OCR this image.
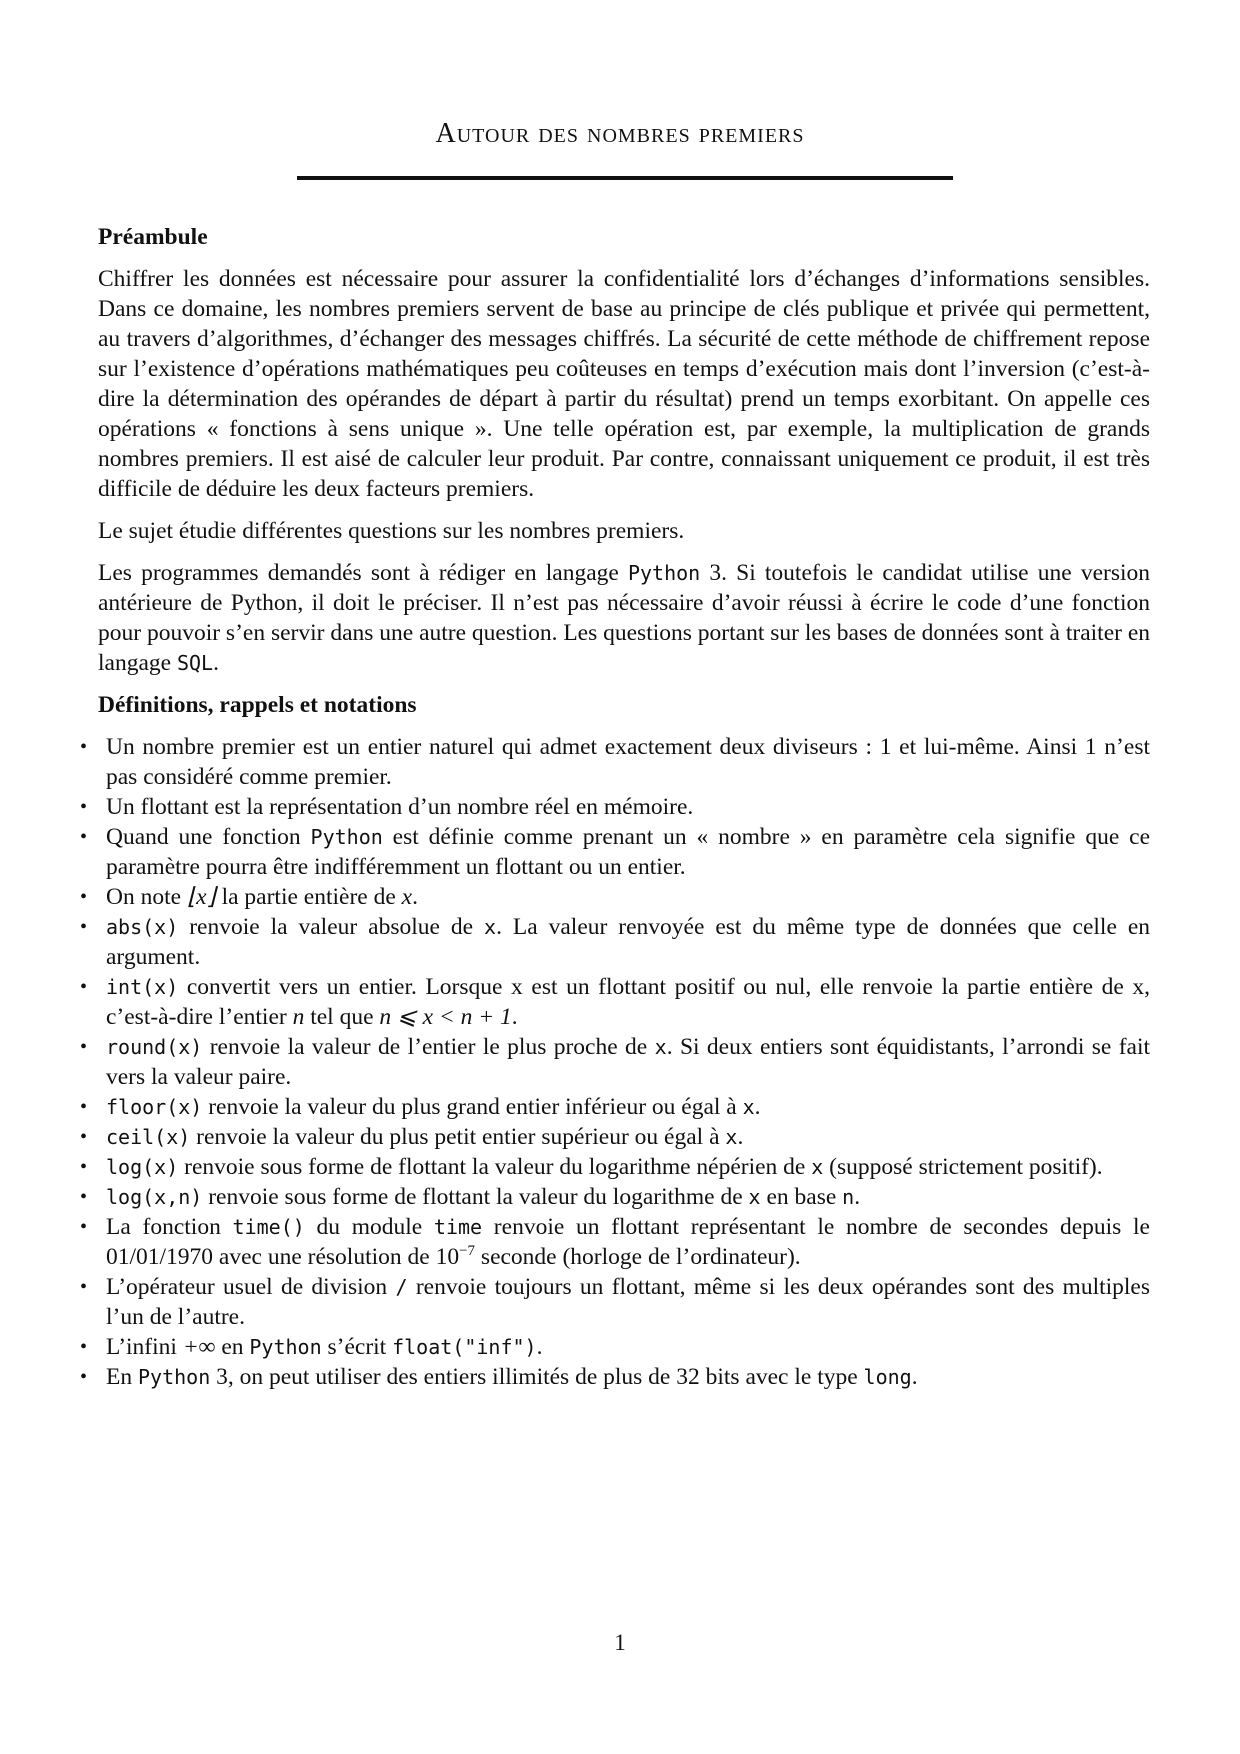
Autour des nombres premiers
Préambule

Chiffrer les données est nécessaire pour assurer la confidentialité lors d’échanges d’informations sensibles. Dans ce domaine, les nombres premiers servent de base au principe de clés publique et privée qui permettent, au travers d’algorithmes, d’échanger des messages chiffrés. La sécurité de cette méthode de chiffrement repose sur l’existence d’opérations mathématiques peu coûteuses en temps d’exécution mais dont l’inversion (c’est-à-dire la détermination des opérandes de départ à partir du résultat) prend un temps exorbitant. On appelle ces opérations « fonctions à sens unique ». Une telle opération est, par exemple, la multiplication de grands nombres premiers. Il est aisé de calculer leur produit. Par contre, connaissant uniquement ce produit, il est très difficile de déduire les deux facteurs premiers.

Le sujet étudie différentes questions sur les nombres premiers.

Les programmes demandés sont à rédiger en langage Python 3. Si toutefois le candidat utilise une version antérieure de Python, il doit le préciser. Il n’est pas nécessaire d’avoir réussi à écrire le code d’une fonction pour pouvoir s’en servir dans une autre question. Les questions portant sur les bases de données sont à traiter en langage SQL.

Définitions, rappels et notations
• Un nombre premier est un entier naturel qui admet exactement deux diviseurs : 1 et lui-même. Ainsi 1 n’est pas considéré comme premier.
• Un flottant est la représentation d’un nombre réel en mémoire.
• Quand une fonction Python est définie comme prenant un « nombre » en paramètre cela signifie que ce paramètre pourra être indifféremment un flottant ou un entier.
• On note ⌊x⌋ la partie entière de x.
• abs(x) renvoie la valeur absolue de x. La valeur renvoyée est du même type de données que celle en argument.
• int(x) convertit vers un entier. Lorsque x est un flottant positif ou nul, elle renvoie la partie entière de x, c’est-à-dire l’entier n tel que n ⩽ x < n + 1.
• round(x) renvoie la valeur de l’entier le plus proche de x. Si deux entiers sont équidistants, l’arrondi se fait vers la valeur paire.
• floor(x) renvoie la valeur du plus grand entier inférieur ou égal à x.
• ceil(x) renvoie la valeur du plus petit entier supérieur ou égal à x.
• log(x) renvoie sous forme de flottant la valeur du logarithme népérien de x (supposé strictement positif).
• log(x,n) renvoie sous forme de flottant la valeur du logarithme de x en base n.
• La fonction time() du module time renvoie un flottant représentant le nombre de secondes depuis le 01/01/1970 avec une résolution de $10^{-7}$ seconde (horloge de l’ordinateur).
• L’opérateur usuel de division / renvoie toujours un flottant, même si les deux opérandes sont des multiples l’un de l’autre.
• L’infini +∞ en Python s’écrit float("inf").
• En Python 3, on peut utiliser des entiers illimités de plus de 32 bits avec le type long.
1
